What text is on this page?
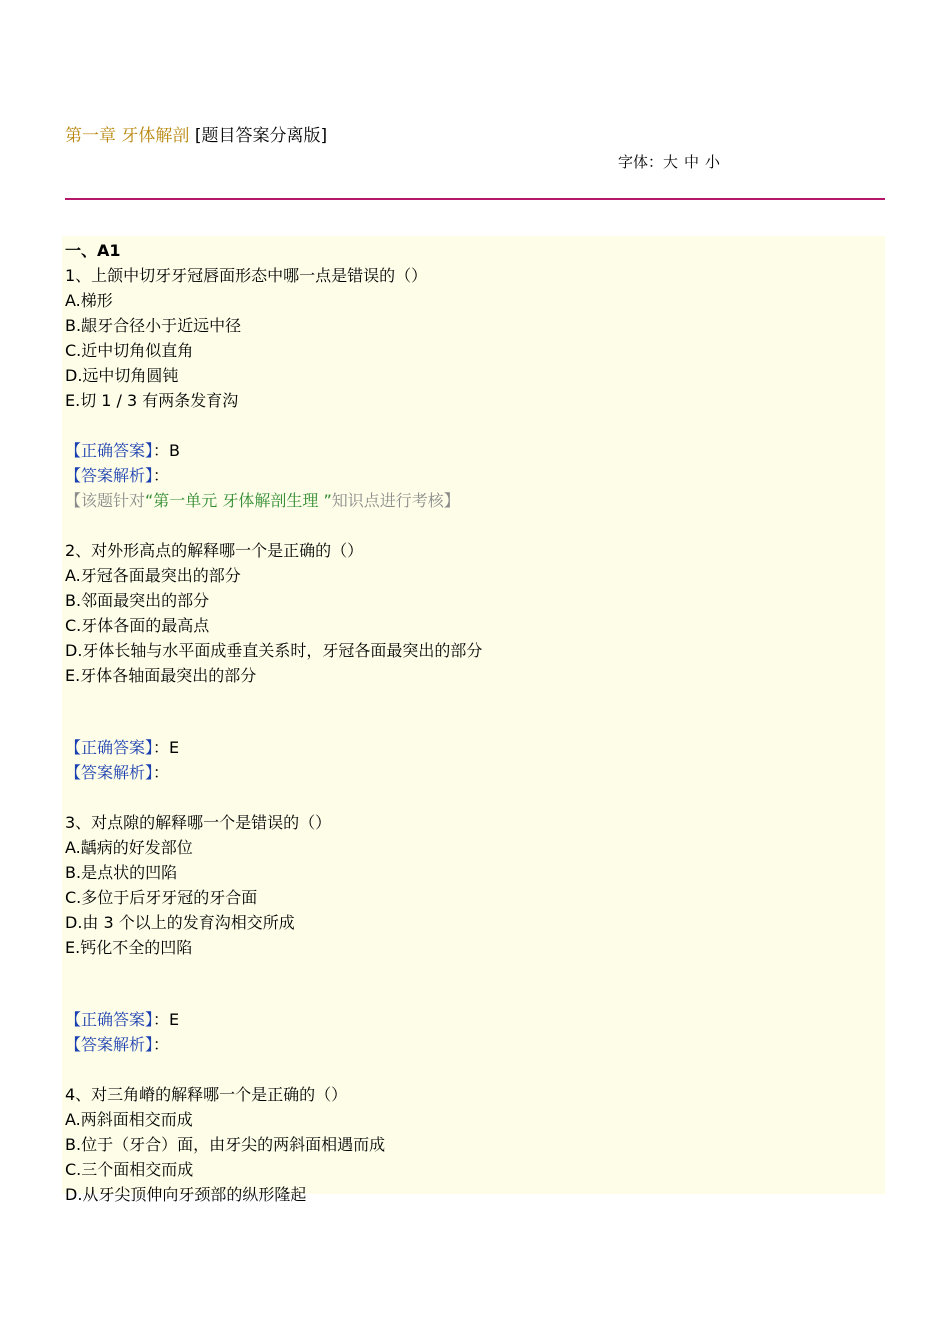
第一章 牙体解剖 [题目答案分离版]
字体：大 中 小
一、A1
1、上颌中切牙牙冠唇面形态中哪一点是错误的（）
A.梯形
B.龈牙合径小于近远中径
C.近中切角似直角
D.远中切角圆钝
E.切 1 / 3 有两条发育沟
【正确答案】：B
【答案解析】：
【该题针对“第一单元 牙体解剖生理 ”知识点进行考核】
2、对外形高点的解释哪一个是正确的（）
A.牙冠各面最突出的部分
B.邻面最突出的部分
C.牙体各面的最高点
D.牙体长轴与水平面成垂直关系时，牙冠各面最突出的部分
E.牙体各轴面最突出的部分
【正确答案】：E
【答案解析】：
3、对点隙的解释哪一个是错误的（）
A.龋病的好发部位
B.是点状的凹陷
C.多位于后牙牙冠的牙合面
D.由 3 个以上的发育沟相交所成
E.钙化不全的凹陷
【正确答案】：E
【答案解析】：
4、对三角嵴的解释哪一个是正确的（）
A.两斜面相交而成
B.位于（牙合）面，由牙尖的两斜面相遇而成
C.三个面相交而成
D.从牙尖顶伸向牙颈部的纵形隆起
